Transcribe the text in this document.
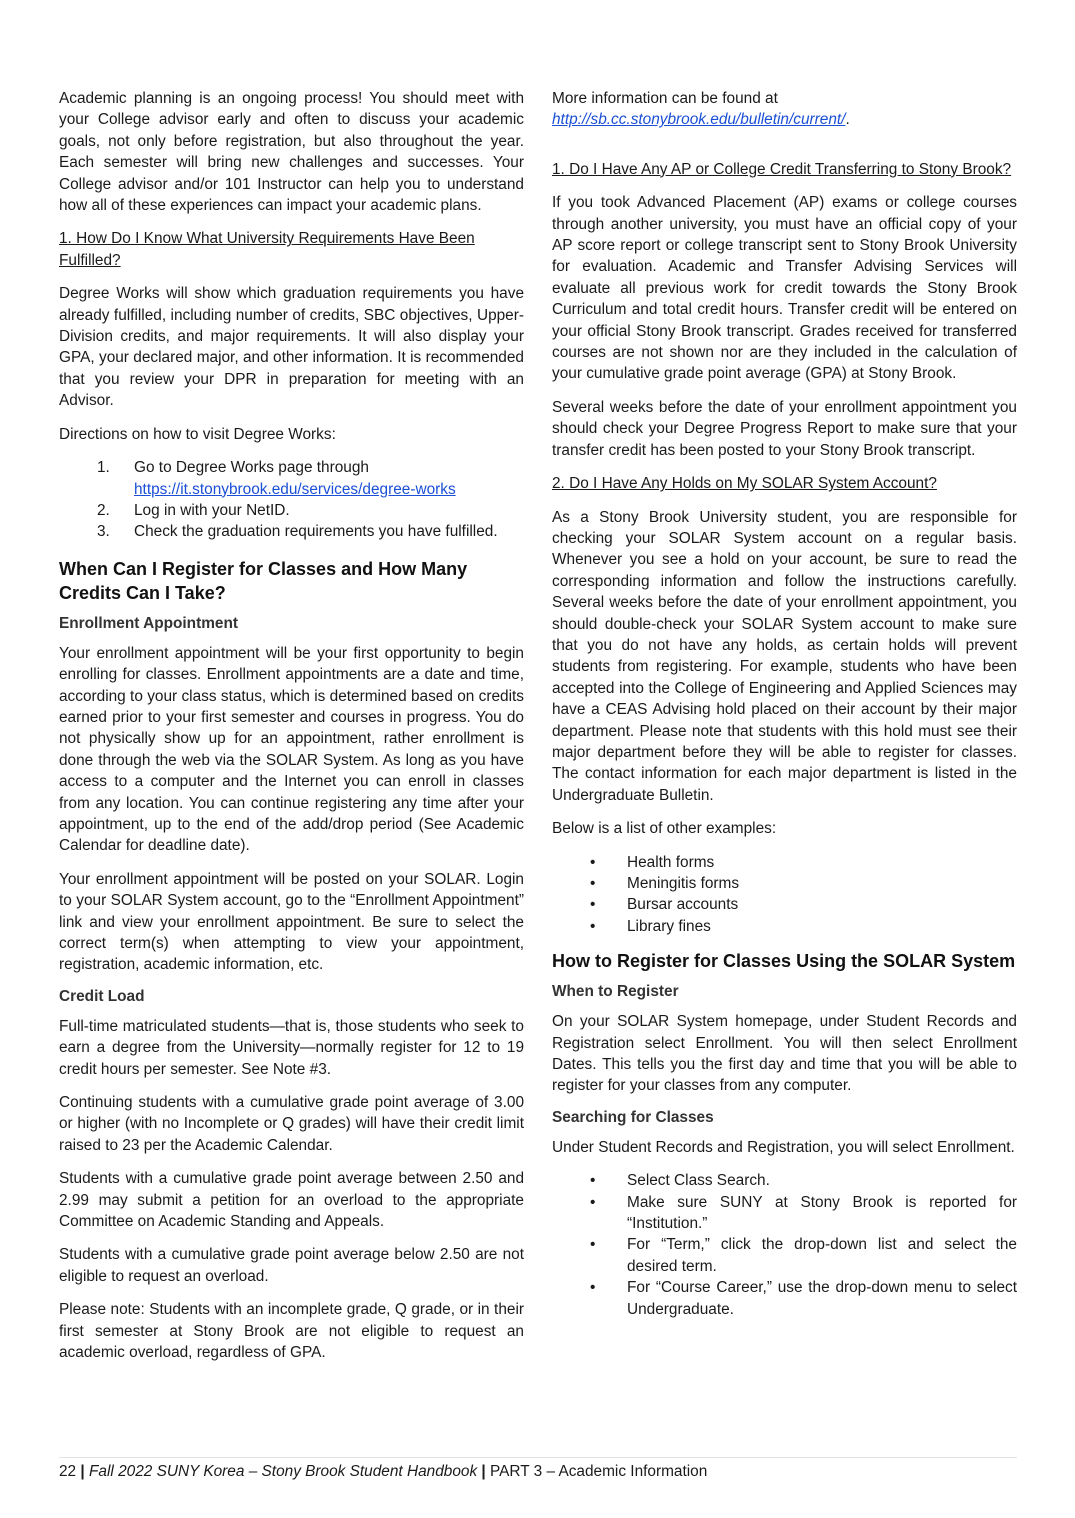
Academic planning is an ongoing process! You should meet with your College advisor early and often to discuss your academic goals, not only before registration, but also throughout the year. Each semester will bring new challenges and successes. Your College advisor and/or 101 Instructor can help you to understand how all of these experiences can impact your academic plans.

1. How Do I Know What University Requirements Have Been Fulfilled?

Degree Works will show which graduation requirements you have already fulfilled, including number of credits, SBC objectives, Upper-Division credits, and major requirements. It will also display your GPA, your declared major, and other information. It is recommended that you review your DPR in preparation for meeting with an Advisor.

Directions on how to visit Degree Works:

1.	Go to Degree Works page through
https://it.stonybrook.edu/services/degree-works
2.	Log in with your NetID.
3.	Check the graduation requirements you have fulfilled.
When Can I Register for Classes and How Many Credits Can I Take?
Enrollment Appointment

Your enrollment appointment will be your first opportunity to begin enrolling for classes. Enrollment appointments are a date and time, according to your class status, which is determined based on credits earned prior to your first semester and courses in progress. You do not physically show up for an appointment, rather enrollment is done through the web via the SOLAR System. As long as you have access to a computer and the Internet you can enroll in classes from any location. You can continue registering any time after your appointment, up to the end of the add/drop period (See Academic Calendar for deadline date).

Your enrollment appointment will be posted on your SOLAR. Login to your SOLAR System account, go to the “Enrollment Appointment” link and view your enrollment appointment. Be sure to select the correct term(s) when attempting to view your appointment, registration, academic information, etc.

Credit Load

Full-time matriculated students—that is, those students who seek to earn a degree from the University—normally register for 12 to 19 credit hours per semester. See Note #3.

Continuing students with a cumulative grade point average of 3.00 or higher (with no Incomplete or Q grades) will have their credit limit raised to 23 per the Academic Calendar.

Students with a cumulative grade point average between 2.50 and 2.99 may submit a petition for an overload to the appropriate Committee on Academic Standing and Appeals.

Students with a cumulative grade point average below 2.50 are not eligible to request an overload.

Please note: Students with an incomplete grade, Q grade, or in their first semester at Stony Brook are not eligible to request an academic overload, regardless of GPA.

More information can be found at
http://sb.cc.stonybrook.edu/bulletin/current/.

1. Do I Have Any AP or College Credit Transferring to Stony Brook?

If you took Advanced Placement (AP) exams or college courses through another university, you must have an official copy of your AP score report or college transcript sent to Stony Brook University for evaluation. Academic and Transfer Advising Services will evaluate all previous work for credit towards the Stony Brook Curriculum and total credit hours. Transfer credit will be entered on your official Stony Brook transcript. Grades received for transferred courses are not shown nor are they included in the calculation of your cumulative grade point average (GPA) at Stony Brook.

Several weeks before the date of your enrollment appointment you should check your Degree Progress Report to make sure that your transfer credit has been posted to your Stony Brook transcript.

2. Do I Have Any Holds on My SOLAR System Account?

As a Stony Brook University student, you are responsible for checking your SOLAR System account on a regular basis. Whenever you see a hold on your account, be sure to read the corresponding information and follow the instructions carefully. Several weeks before the date of your enrollment appointment, you should double-check your SOLAR System account to make sure that you do not have any holds, as certain holds will prevent students from registering. For example, students who have been accepted into the College of Engineering and Applied Sciences may have a CEAS Advising hold placed on their account by their major department. Please note that students with this hold must see their major department before they will be able to register for classes. The contact information for each major department is listed in the Undergraduate Bulletin.

Below is a list of other examples:

•	Health forms
•	Meningitis forms
•	Bursar accounts
•	Library fines
How to Register for Classes Using the SOLAR System
When to Register

On your SOLAR System homepage, under Student Records and Registration select Enrollment. You will then select Enrollment Dates. This tells you the first day and time that you will be able to register for your classes from any computer.

Searching for Classes

Under Student Records and Registration, you will select Enrollment.

•	Select Class Search.
•	Make sure SUNY at Stony Brook is reported for “Institution.”
•	For “Term,” click the drop-down list and select the desired term.
•	For “Course Career,” use the drop-down menu to select Undergraduate.
22 | Fall 2022 SUNY Korea – Stony Brook Student Handbook | PART 3 – Academic Information
